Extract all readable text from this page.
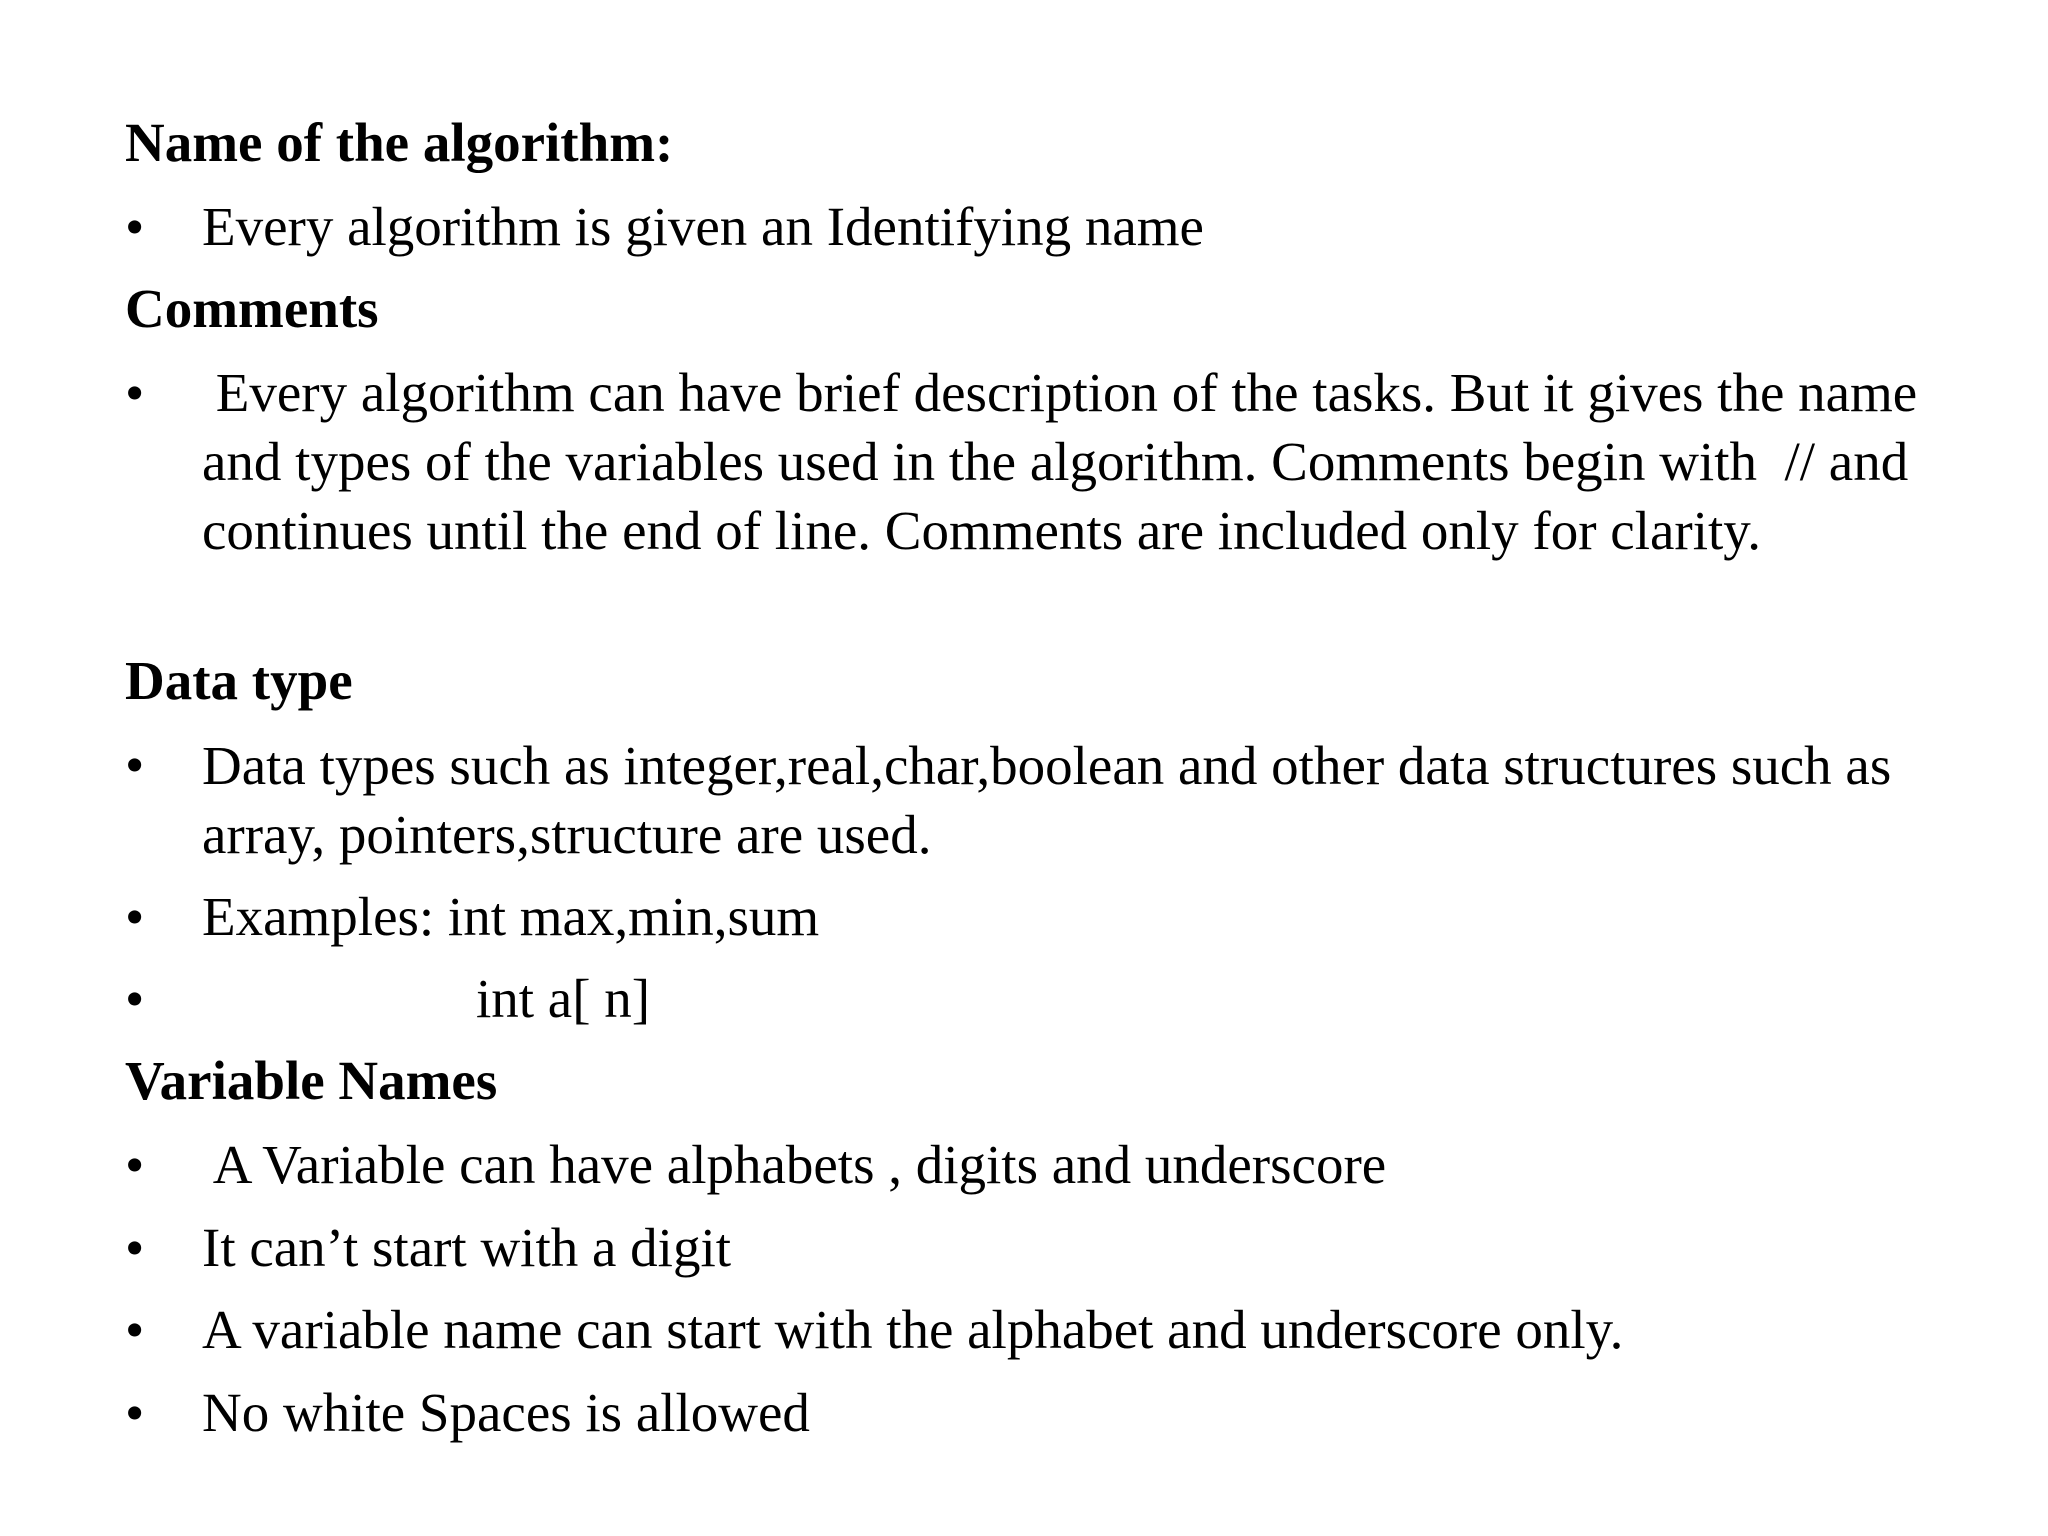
Name of the algorithm:
• Every algorithm is given an Identifying name
Comments
• Every algorithm can have brief description of the tasks. But it gives the name and types of the variables used in the algorithm. Comments begin with  // and continues until the end of line. Comments are included only for clarity.
Data type
• Data types such as integer,real,char,boolean and other data structures such as array, pointers,structure are used.
• Examples: int max,min,sum
•	int a[ n]
Variable Names
• A Variable can have alphabets , digits and underscore
• It can’t start with a digit
• A variable name can start with the alphabet and underscore only.
• No white Spaces is allowed
